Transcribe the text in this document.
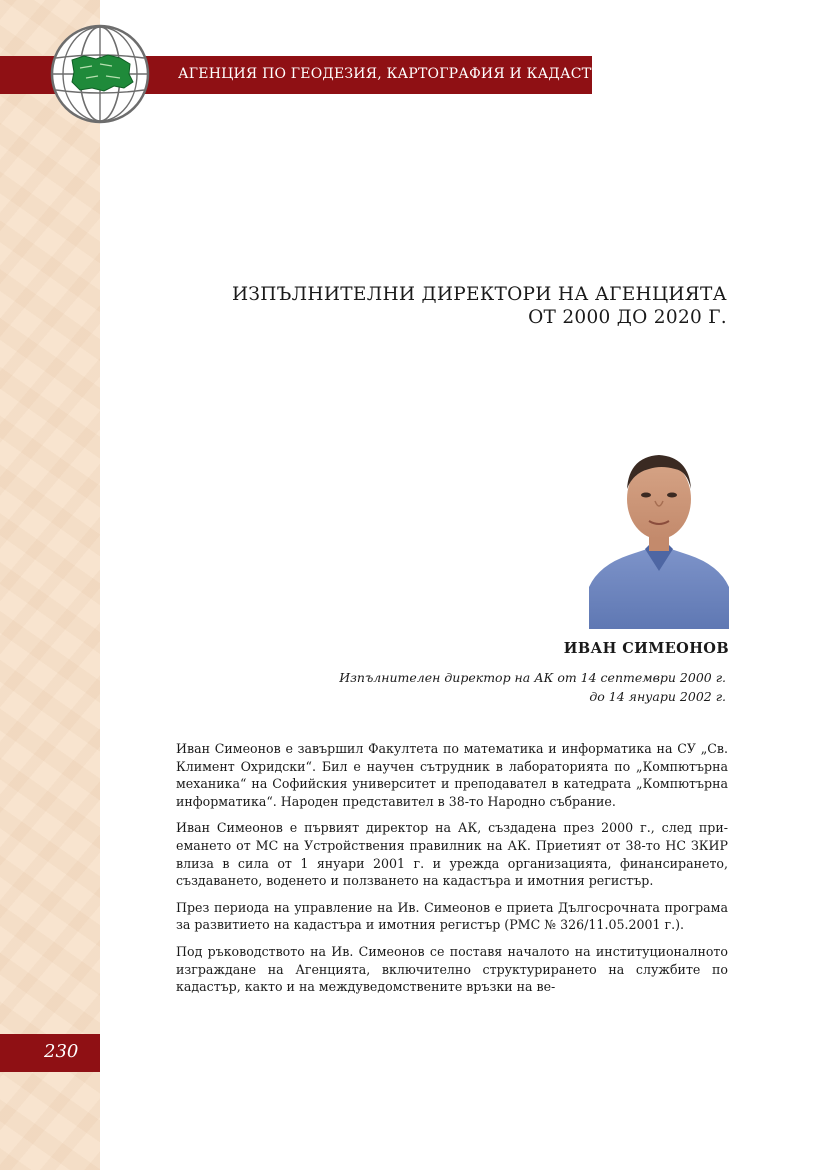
АГЕНЦИЯ ПО ГЕОДЕЗИЯ, КАРТОГРАФИЯ И КАДАСТЪР
ИЗПЪЛНИТЕЛНИ ДИРЕКТОРИ НА АГЕНЦИЯТА
ОТ 2000 ДО 2020 Г.
ИВАН СИМЕОНОВ
Изпълнителен директор на АК от 14 септември 2000 г.
до 14 януари 2002 г.

Иван Симеонов е завършил Факултета по математика и информатика на СУ „Св. Климент Охридски“. Бил е научен сътрудник в лабораторията по „Компютърна механика“ на Софийския университет и преподавател в катедрата „Компютърна информатика“. Народен представител в 38-то Народно събрание.

Иван Симеонов е първият директор на АК, създадена през 2000 г., след приемането от МС на Устройствения правилник на АК. Приетият от 38-то НС ЗКИР влиза в сила от 1 януари 2001 г. и урежда организацията, финансирането, създаването, воденето и ползването на кадастъра и имотния регистър.

През периода на управление на Ив. Симеонов е приета Дългосрочната програма за развитието на кадастъра и имотния регистър (РМС № 326/11.05.2001 г.).

Под ръководството на Ив. Симеонов се поставя началото на институционалното изграждане на Агенцията, включително структурирането на службите по кадастър, както и на междуведомствените връзки на ве-

230
